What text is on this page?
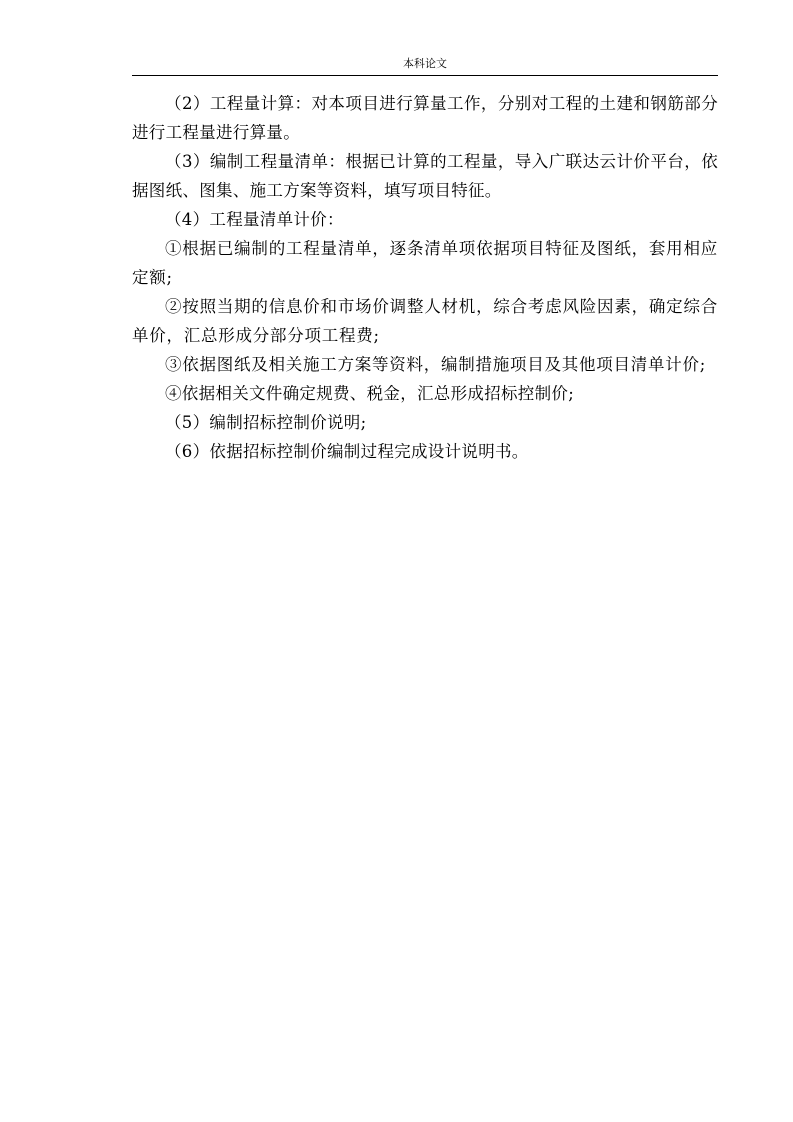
本科论文

（2）工程量计算：对本项目进行算量工作，分别对工程的土建和钢筋部分进行工程量进行算量。

（3）编制工程量清单：根据已计算的工程量，导入广联达云计价平台，依据图纸、图集、施工方案等资料，填写项目特征。

（4）工程量清单计价：

①根据已编制的工程量清单，逐条清单项依据项目特征及图纸，套用相应定额;

②按照当期的信息价和市场价调整人材机，综合考虑风险因素，确定综合单价，汇总形成分部分项工程费;

③依据图纸及相关施工方案等资料，编制措施项目及其他项目清单计价;

④依据相关文件确定规费、税金，汇总形成招标控制价;

（5）编制招标控制价说明;

（6）依据招标控制价编制过程完成设计说明书。
